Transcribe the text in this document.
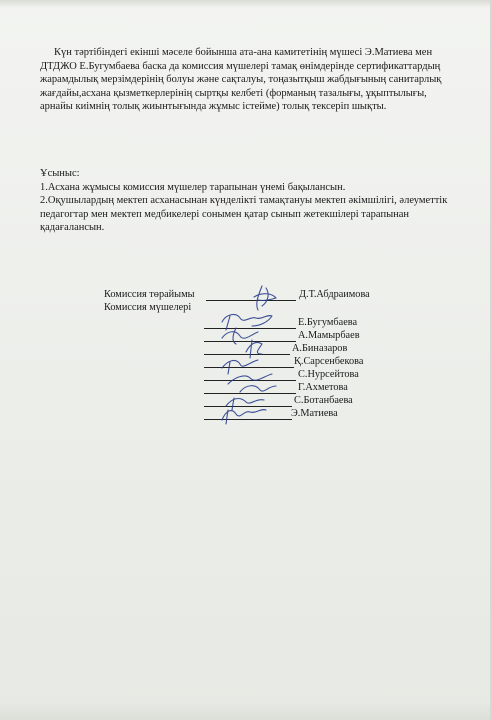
Күн тәртібіндегі екінші мәселе бойынша ата-ана камитетінің мүшесі Э.Матиева мен ДТДЖО Е.Бугумбаева баска да комиссия мүшелері тамақ өнімдерінде сертификаттардың жарамдылық мерзімдерінің болуы және сақталуы, тоңазытқыш жабдығының санитарлық жағдайы,асхана қызметкерлерінің сыртқы келбеті (форманың тазалығы, ұқыптылығы, арнайы киімнің толық жиынтығында жұмыс істейме) толық тексеріп шықты.

Ұсыныс:
1.Асхана жұмысы комиссия мүшелер тарапынан үнемі бақылансын.
2.Оқушылардың мектеп асханасынан күнделікті тамақтануы мектеп әкімшілігі, әлеуметтік педагогтар мен мектеп медбикелері сонымен қатар сынып жетекшілері тарапынан қадағалансын.
Комиссия төрайымы	Д.Т.Абдраимова
Комиссия мүшелері
Е.Бугумбаева
А.Мамырбаев
А.Биназаров
Қ.Сарсенбекова
С.Нурсейтова
Г.Ахметова
С.Ботанбаева
Э.Матиева
